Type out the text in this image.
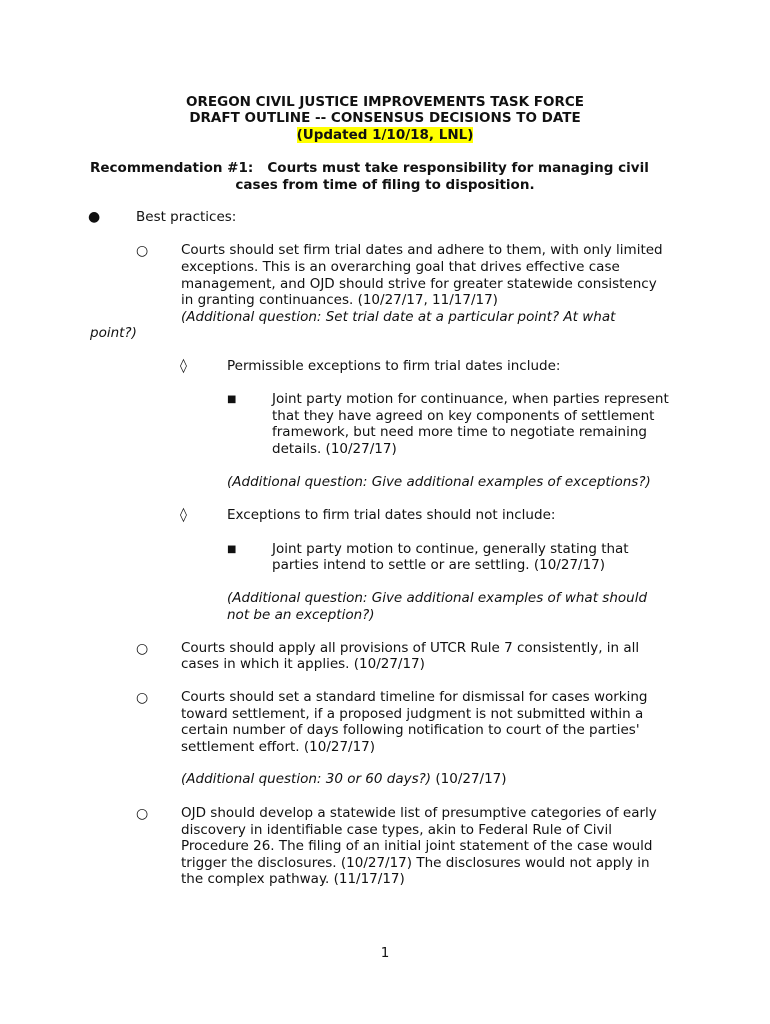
OREGON CIVIL JUSTICE IMPROVEMENTS TASK FORCE
DRAFT OUTLINE -- CONSENSUS DECISIONS TO DATE
(Updated 1/10/18, LNL)
Recommendation #1: Courts must take responsibility for managing civil
cases from time of filing to disposition.
●	Best practices:
○ Courts should set firm trial dates and adhere to them, with only limited
exceptions. This is an overarching goal that drives effective case
management, and OJD should strive for greater statewide consistency
in granting continuances. (10/27/17, 11/17/17)
(Additional question: Set trial date at a particular point? At what
point?)
◊	Permissible exceptions to firm trial dates include:
■	Joint party motion for continuance, when parties represent
that they have agreed on key components of settlement
framework, but need more time to negotiate remaining
details. (10/27/17)
(Additional question: Give additional examples of exceptions?)
◊	Exceptions to firm trial dates should not include:
■	Joint party motion to continue, generally stating that
parties intend to settle or are settling. (10/27/17)
(Additional question: Give additional examples of what should
not be an exception?)
○ Courts should apply all provisions of UTCR Rule 7 consistently, in all
cases in which it applies. (10/27/17)
○ Courts should set a standard timeline for dismissal for cases working
toward settlement, if a proposed judgment is not submitted within a
certain number of days following notification to court of the parties'
settlement effort. (10/27/17)
(Additional question: 30 or 60 days?) (10/27/17)
○ OJD should develop a statewide list of presumptive categories of early
discovery in identifiable case types, akin to Federal Rule of Civil
Procedure 26. The filing of an initial joint statement of the case would
trigger the disclosures. (10/27/17) The disclosures would not apply in
the complex pathway. (11/17/17)
1
